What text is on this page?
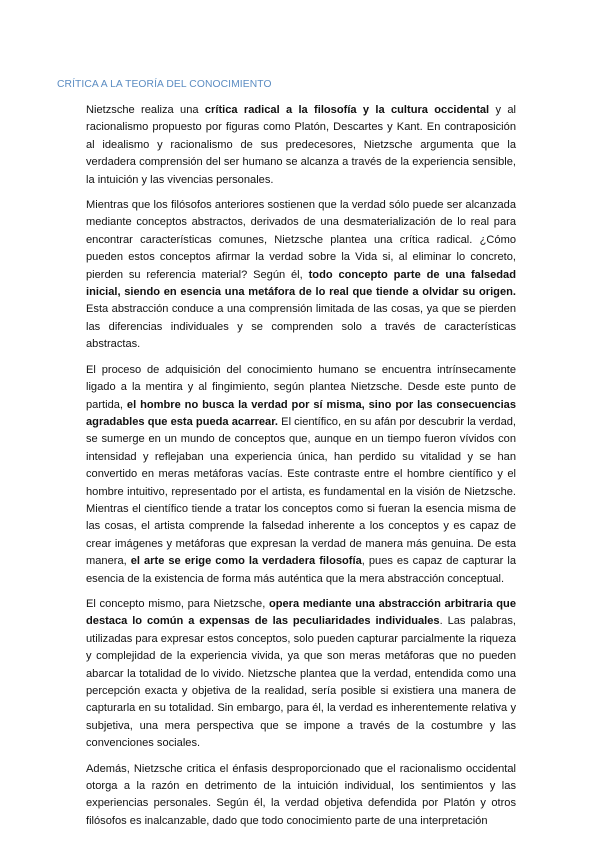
CRÍTICA A LA TEORÍA DEL CONOCIMIENTO

Nietzsche realiza una crítica radical a la filosofía y la cultura occidental y al racionalismo propuesto por figuras como Platón, Descartes y Kant. En contraposición al idealismo y racionalismo de sus predecesores, Nietzsche argumenta que la verdadera comprensión del ser humano se alcanza a través de la experiencia sensible, la intuición y las vivencias personales.

Mientras que los filósofos anteriores sostienen que la verdad sólo puede ser alcanzada mediante conceptos abstractos, derivados de una desmaterialización de lo real para encontrar características comunes, Nietzsche plantea una crítica radical. ¿Cómo pueden estos conceptos afirmar la verdad sobre la Vida si, al eliminar lo concreto, pierden su referencia material? Según él, todo concepto parte de una falsedad inicial, siendo en esencia una metáfora de lo real que tiende a olvidar su origen. Esta abstracción conduce a una comprensión limitada de las cosas, ya que se pierden las diferencias individuales y se comprenden solo a través de características abstractas.

El proceso de adquisición del conocimiento humano se encuentra intrínsecamente ligado a la mentira y al fingimiento, según plantea Nietzsche. Desde este punto de partida, el hombre no busca la verdad por sí misma, sino por las consecuencias agradables que esta pueda acarrear. El científico, en su afán por descubrir la verdad, se sumerge en un mundo de conceptos que, aunque en un tiempo fueron vívidos con intensidad y reflejaban una experiencia única, han perdido su vitalidad y se han convertido en meras metáforas vacías. Este contraste entre el hombre científico y el hombre intuitivo, representado por el artista, es fundamental en la visión de Nietzsche. Mientras el científico tiende a tratar los conceptos como si fueran la esencia misma de las cosas, el artista comprende la falsedad inherente a los conceptos y es capaz de crear imágenes y metáforas que expresan la verdad de manera más genuina. De esta manera, el arte se erige como la verdadera filosofía, pues es capaz de capturar la esencia de la existencia de forma más auténtica que la mera abstracción conceptual.

El concepto mismo, para Nietzsche, opera mediante una abstracción arbitraria que destaca lo común a expensas de las peculiaridades individuales. Las palabras, utilizadas para expresar estos conceptos, solo pueden capturar parcialmente la riqueza y complejidad de la experiencia vivida, ya que son meras metáforas que no pueden abarcar la totalidad de lo vivido. Nietzsche plantea que la verdad, entendida como una percepción exacta y objetiva de la realidad, sería posible si existiera una manera de capturarla en su totalidad. Sin embargo, para él, la verdad es inherentemente relativa y subjetiva, una mera perspectiva que se impone a través de la costumbre y las convenciones sociales.

Además, Nietzsche critica el énfasis desproporcionado que el racionalismo occidental otorga a la razón en detrimento de la intuición individual, los sentimientos y las experiencias personales. Según él, la verdad objetiva defendida por Platón y otros filósofos es inalcanzable, dado que todo conocimiento parte de una interpretación
